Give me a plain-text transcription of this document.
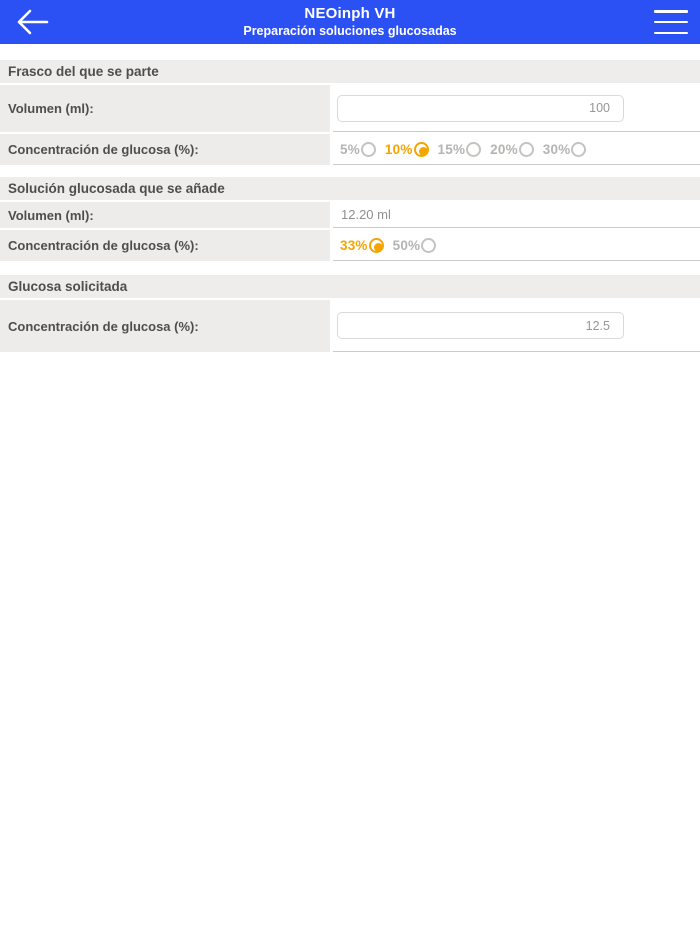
NEOinph VH
Preparación soluciones glucosadas
Frasco del que se parte
Volumen (ml):
100
Concentración de glucosa (%):	5% 10% 15% 20% 30%
Solución glucosada que se añade
Volumen (ml):	12.20 ml
Concentración de glucosa (%):	33% 50%
Glucosa solicitada
Concentración de glucosa (%):
12.5
